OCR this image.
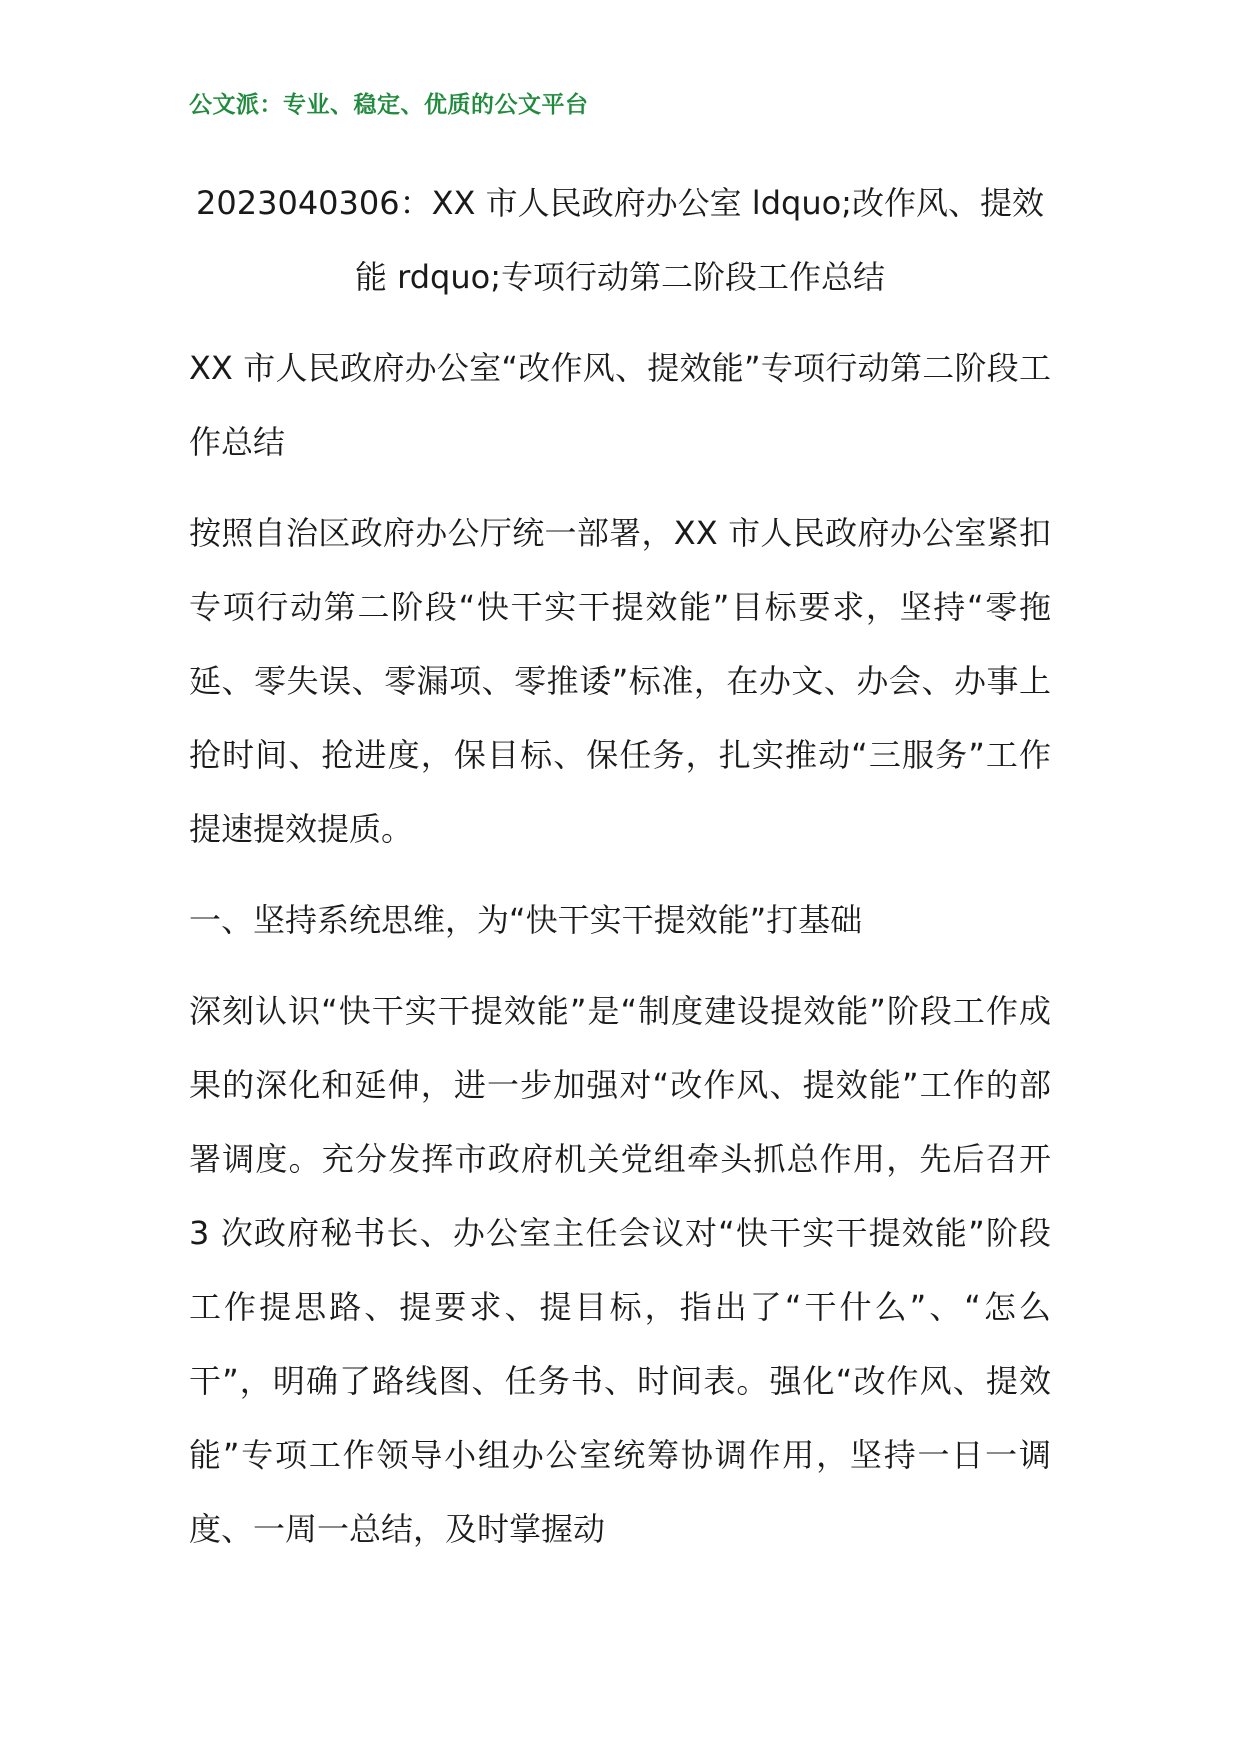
公文派：专业、稳定、优质的公文平台
2023040306：XX 市人民政府办公室 ldquo;改作风、提效能 rdquo;专项行动第二阶段工作总结

XX 市人民政府办公室“改作风、提效能”专项行动第二阶段工作总结

按照自治区政府办公厅统一部署，XX 市人民政府办公室紧扣专项行动第二阶段“快干实干提效能”目标要求，坚持“零拖延、零失误、零漏项、零推诿”标准，在办文、办会、办事上抢时间、抢进度，保目标、保任务，扎实推动“三服务”工作提速提效提质。

一、坚持系统思维，为“快干实干提效能”打基础

深刻认识“快干实干提效能”是“制度建设提效能”阶段工作成果的深化和延伸，进一步加强对“改作风、提效能”工作的部署调度。充分发挥市政府机关党组牵头抓总作用，先后召开 3 次政府秘书长、办公室主任会议对“快干实干提效能”阶段工作提思路、提要求、提目标，指出了“干什么”、“怎么干”，明确了路线图、任务书、时间表。强化“改作风、提效能”专项工作领导小组办公室统筹协调作用，坚持一日一调度、一周一总结，及时掌握动
